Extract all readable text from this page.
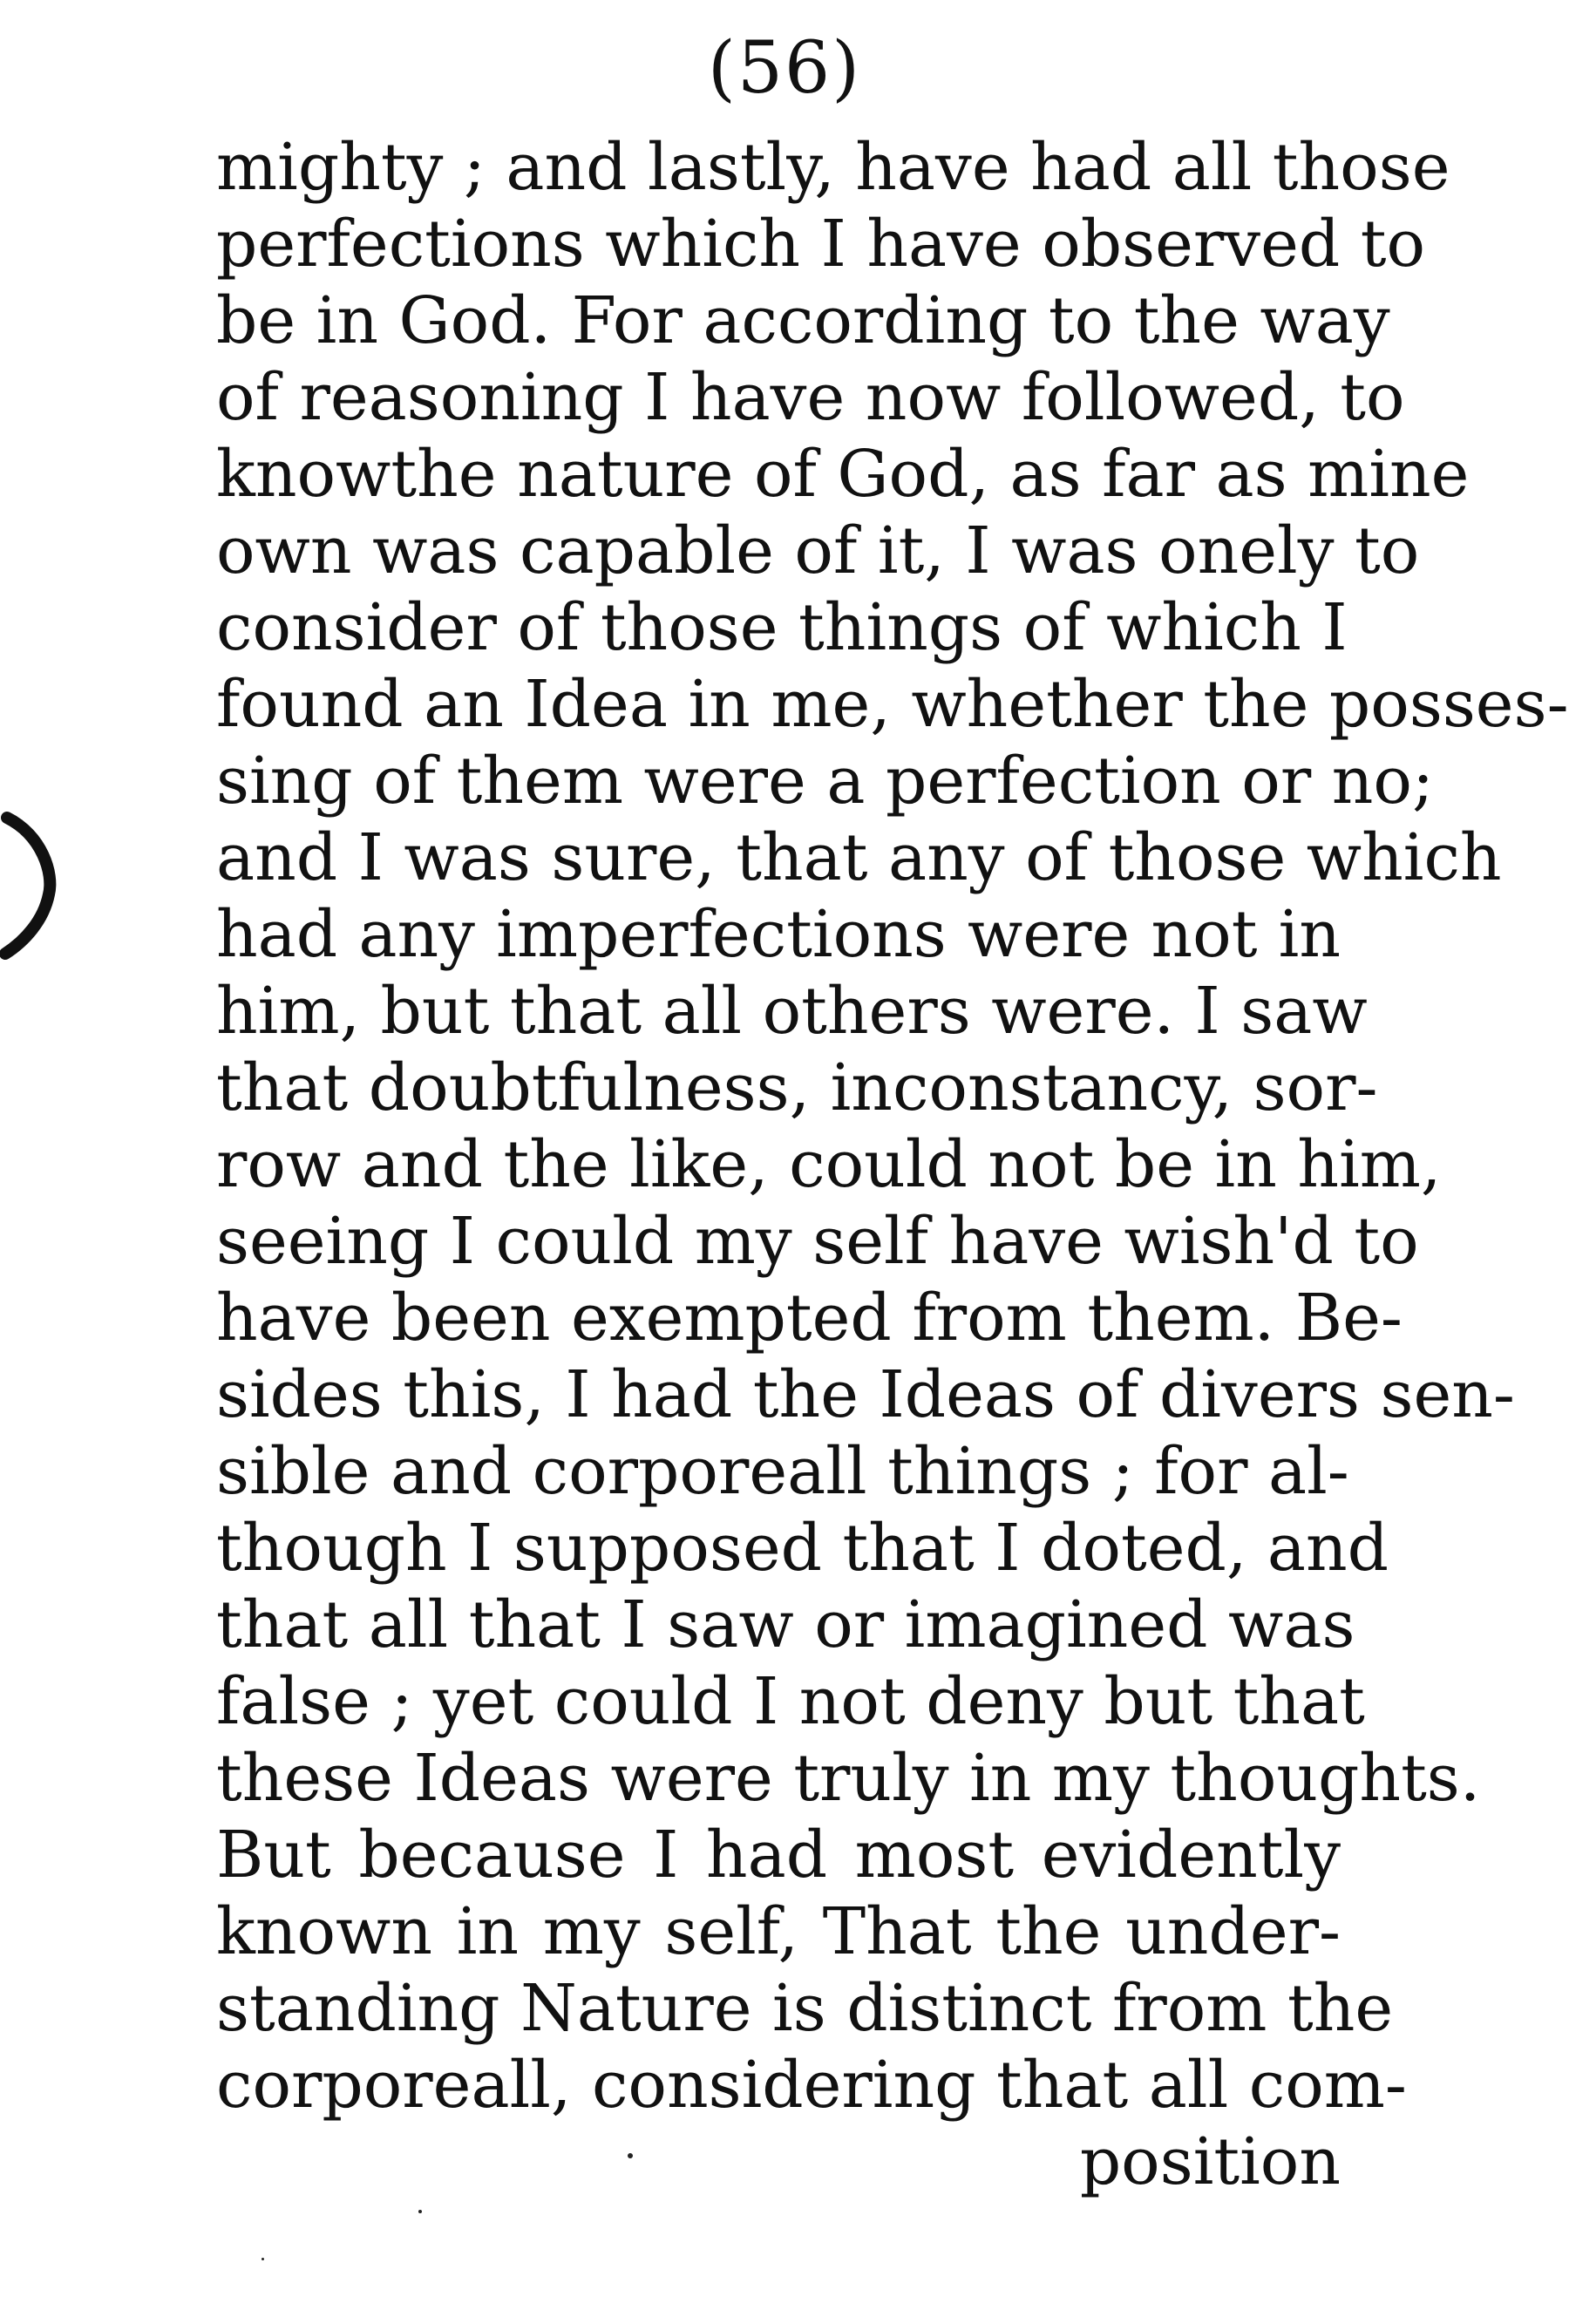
(56)
mighty ; and lastly, have had all those
perfections which I have observed to
be in God. For according to the way
of reasoning I have now followed, to
knowthe nature of God, as far as mine
own was capable of it, I was onely to
consider of those things of which I
found an Idea in me, whether the posses-
sing of them were a perfection or no;
and I was sure, that any of those which
had any imperfections were not in
him, but that all others were. I saw
that doubtfulness, inconstancy, sor-
row and the like, could not be in him,
seeing I could my self have wish'd to
have been exempted from them. Be-
sides this, I had the Ideas of divers sen-
sible and corporeall things ; for al-
though I supposed that I doted, and
that all that I saw or imagined was
false ; yet could I not deny but that
these Ideas were truly in my thoughts.
But because I had most evidently
known in my self, That the under-
standing Nature is distinct from the
corporeall, considering that all com-
position
